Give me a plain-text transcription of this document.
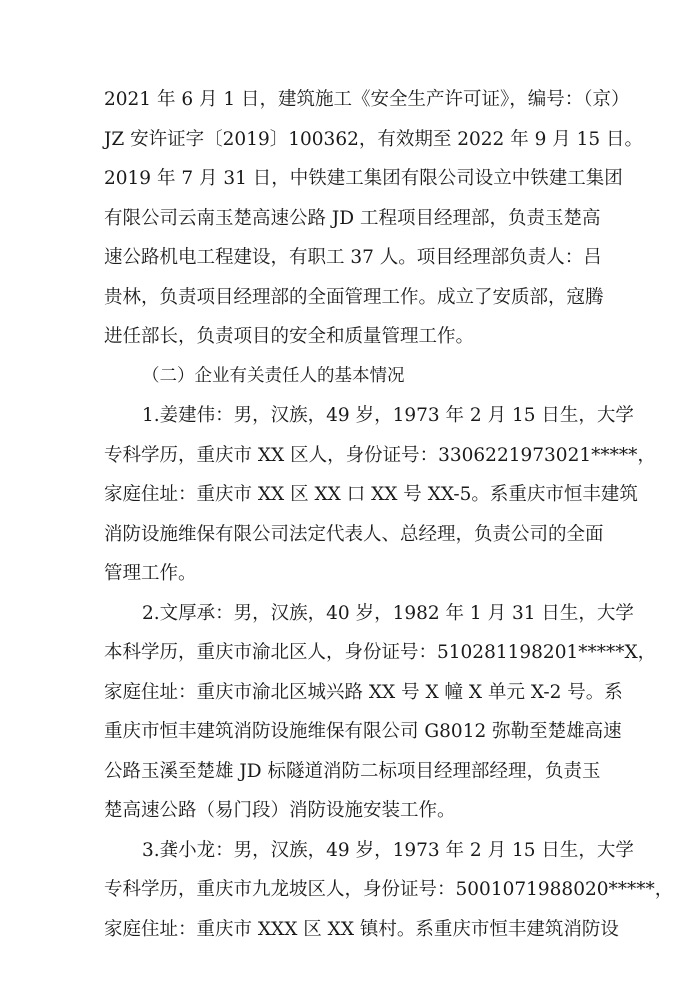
2021 年 6 月 1 日，建筑施工《安全生产许可证》，编号：（京）
JZ 安许证字〔2019〕100362，有效期至 2022 年 9 月 15 日。
2019 年 7 月 31 日，中铁建工集团有限公司设立中铁建工集团
有限公司云南玉楚高速公路 JD 工程项目经理部，负责玉楚高
速公路机电工程建设，有职工 37 人。项目经理部负责人：吕
贵林，负责项目经理部的全面管理工作。成立了安质部，寇腾
进任部长，负责项目的安全和质量管理工作。
（二）企业有关责任人的基本情况
1.姜建伟：男，汉族，49 岁，1973 年 2 月 15 日生，大学
专科学历，重庆市 XX 区人，身份证号：3306221973021*****，
家庭住址：重庆市 XX 区 XX 口 XX 号 XX-5。系重庆市恒丰建筑
消防设施维保有限公司法定代表人、总经理，负责公司的全面
管理工作。
2.文厚承：男，汉族，40 岁，1982 年 1 月 31 日生，大学
本科学历，重庆市渝北区人，身份证号：510281198201*****X，
家庭住址：重庆市渝北区城兴路 XX 号 X 幢 X 单元 X-2 号。系
重庆市恒丰建筑消防设施维保有限公司 G8012 弥勒至楚雄高速
公路玉溪至楚雄 JD 标隧道消防二标项目经理部经理，负责玉
楚高速公路（易门段）消防设施安装工作。
3.龚小龙：男，汉族，49 岁，1973 年 2 月 15 日生，大学
专科学历，重庆市九龙坡区人，身份证号：5001071988020*****，
家庭住址：重庆市 XXX 区 XX 镇村。系重庆市恒丰建筑消防设
